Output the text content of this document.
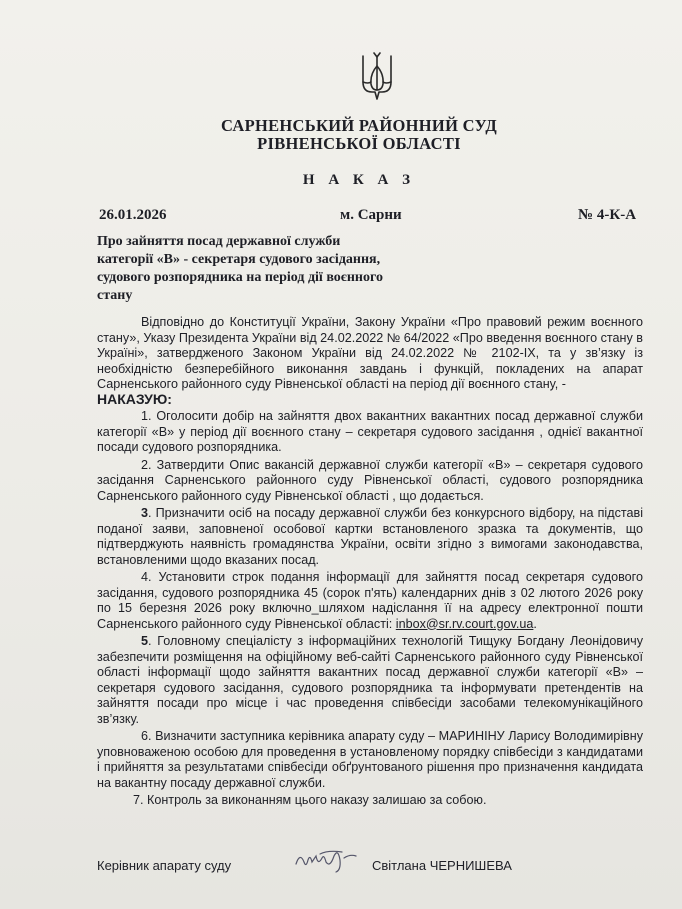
САРНЕНСЬКИЙ РАЙОННИЙ СУД
РІВНЕНСЬКОЇ ОБЛАСТІ
Н А К А З
26.01.2026	м. Сарни	№ 4-К-А
Про зайняття посад державної служби категорії «В» - секретаря судового засідання, судового розпорядника на період дії воєнного стану

Відповідно до Конституції України, Закону України «Про правовий режим воєнного стану», Указу Президента України від 24.02.2022 № 64/2022 «Про введення воєнного стану в Україні», затвердженого Законом України від 24.02.2022 № 2102-IX, та у зв’язку із необхідністю безперебійного виконання завдань і функцій, покладених на апарат Сарненського районного суду Рівненської області на період дії воєнного стану, -

НАКАЗУЮ:

1. Оголосити добір на зайняття двох вакантних вакантних посад державної служби категорії «В» у період дії воєнного стану – секретаря судового засідання , однієї вакантної посади судового розпорядника.

2. Затвердити Опис вакансій державної служби категорії «В» – секретаря судового засідання Сарненського районного суду Рівненської області, судового розпорядника Сарненського районного суду Рівненської області , що додається.

3. Призначити осіб на посаду державної служби без конкурсного відбору, на підставі поданої заяви, заповненої особової картки встановленого зразка та документів, що підтверджують наявність громадянства України, освіти згідно з вимогами законодавства, встановленими щодо вказаних посад.

4. Установити строк подання інформації для зайняття посад секретаря судового засідання, судового розпорядника 45 (сорок п'ять) календарних днів з 02 лютого 2026 року по 15 березня 2026 року включно_шляхом надіслання її на адресу електронної пошти Сарненського районного суду Рівненської області: inbox@sr.rv.court.gov.ua.

5. Головному спеціалісту з інформаційних технологій Тищуку Богдану Леонідовичу забезпечити розміщення на офіційному веб-сайті Сарненського районного суду Рівненської області інформації щодо зайняття вакантних посад державної служби категорії «В» – секретаря судового засідання, судового розпорядника та інформувати претендентів на зайняття посади про місце і час проведення співбесіди засобами телекомунікаційного зв’язку.

6. Визначити заступника керівника апарату суду – МАРИНІНУ Ларису Володимирівну уповноваженою особою для проведення в установленому порядку співбесіди з кандидатами і прийняття за результатами співбесіди обґрунтованого рішення про призначення кандидата на вакантну посаду державної служби.

7. Контроль за виконанням цього наказу залишаю за собою.

Керівник апарату суду	Світлана ЧЕРНИШЕВА
